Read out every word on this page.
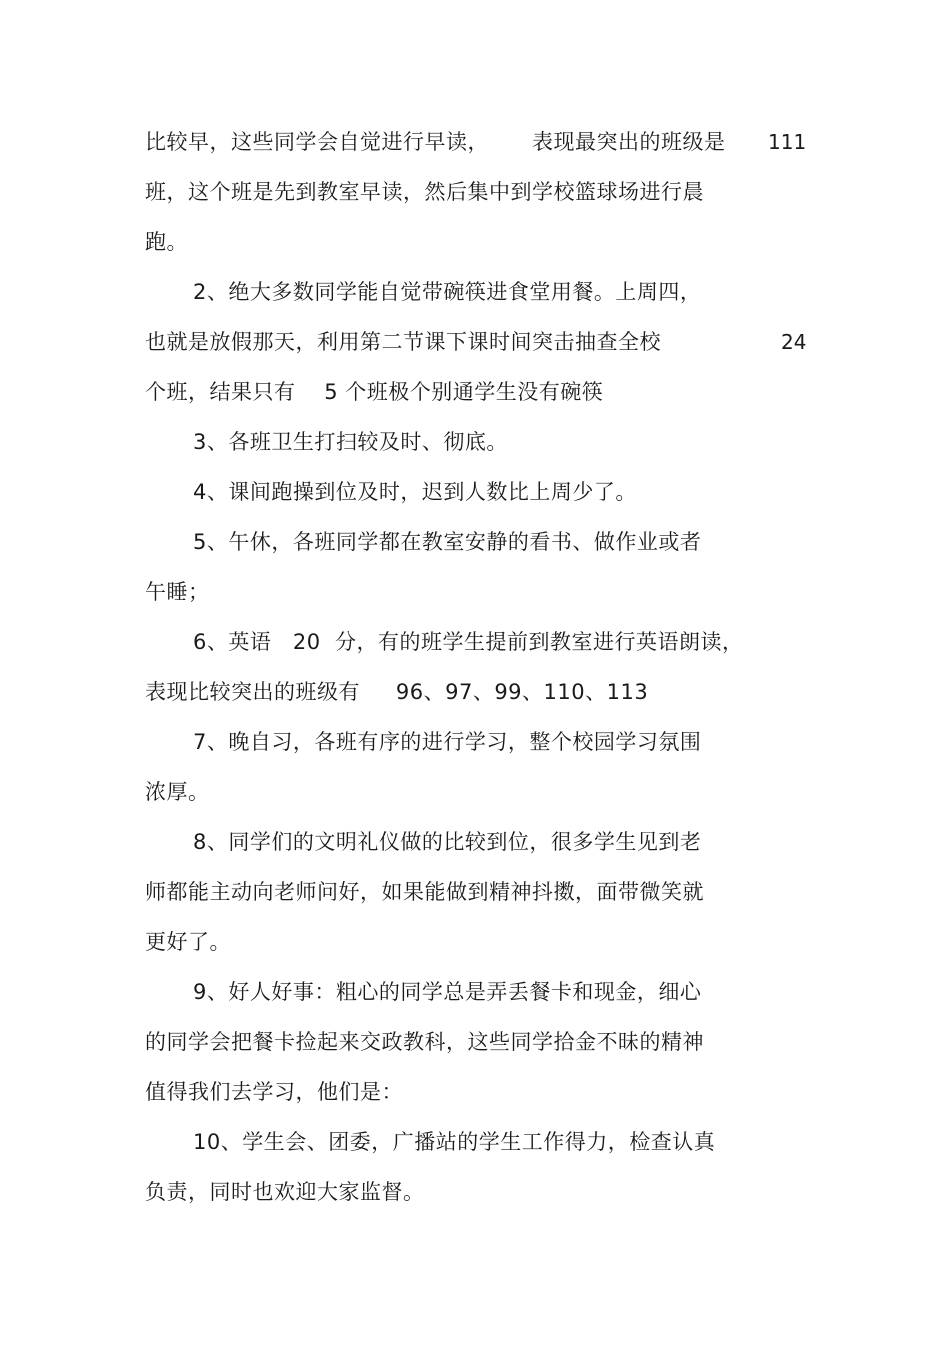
比较早，这些同学会自觉进行早读，      表现最突出的班级是 111
班，这个班是先到教室早读，然后集中到学校篮球场进行晨
跑。
2、绝大多数同学能自觉带碗筷进食堂用餐。上周四，
也就是放假那天，利用第二节课下课时间突击抽查全校	24
个班，结果只有    5 个班极个别通学生没有碗筷
3、各班卫生打扫较及时、彻底。
4、课间跑操到位及时，迟到人数比上周少了。
5、午休，各班同学都在教室安静的看书、做作业或者
午睡；
6、英语   20  分，有的班学生提前到教室进行英语朗读，
表现比较突出的班级有     96、97、99、110、113
7、晚自习，各班有序的进行学习，整个校园学习氛围
浓厚。
8、同学们的文明礼仪做的比较到位，很多学生见到老
师都能主动向老师问好，如果能做到精神抖擞，面带微笑就
更好了。
9、好人好事：粗心的同学总是弄丢餐卡和现金，细心
的同学会把餐卡捡起来交政教科，这些同学拾金不昧的精神
值得我们去学习，他们是：
10、学生会、团委，广播站的学生工作得力，检查认真
负责，同时也欢迎大家监督。
